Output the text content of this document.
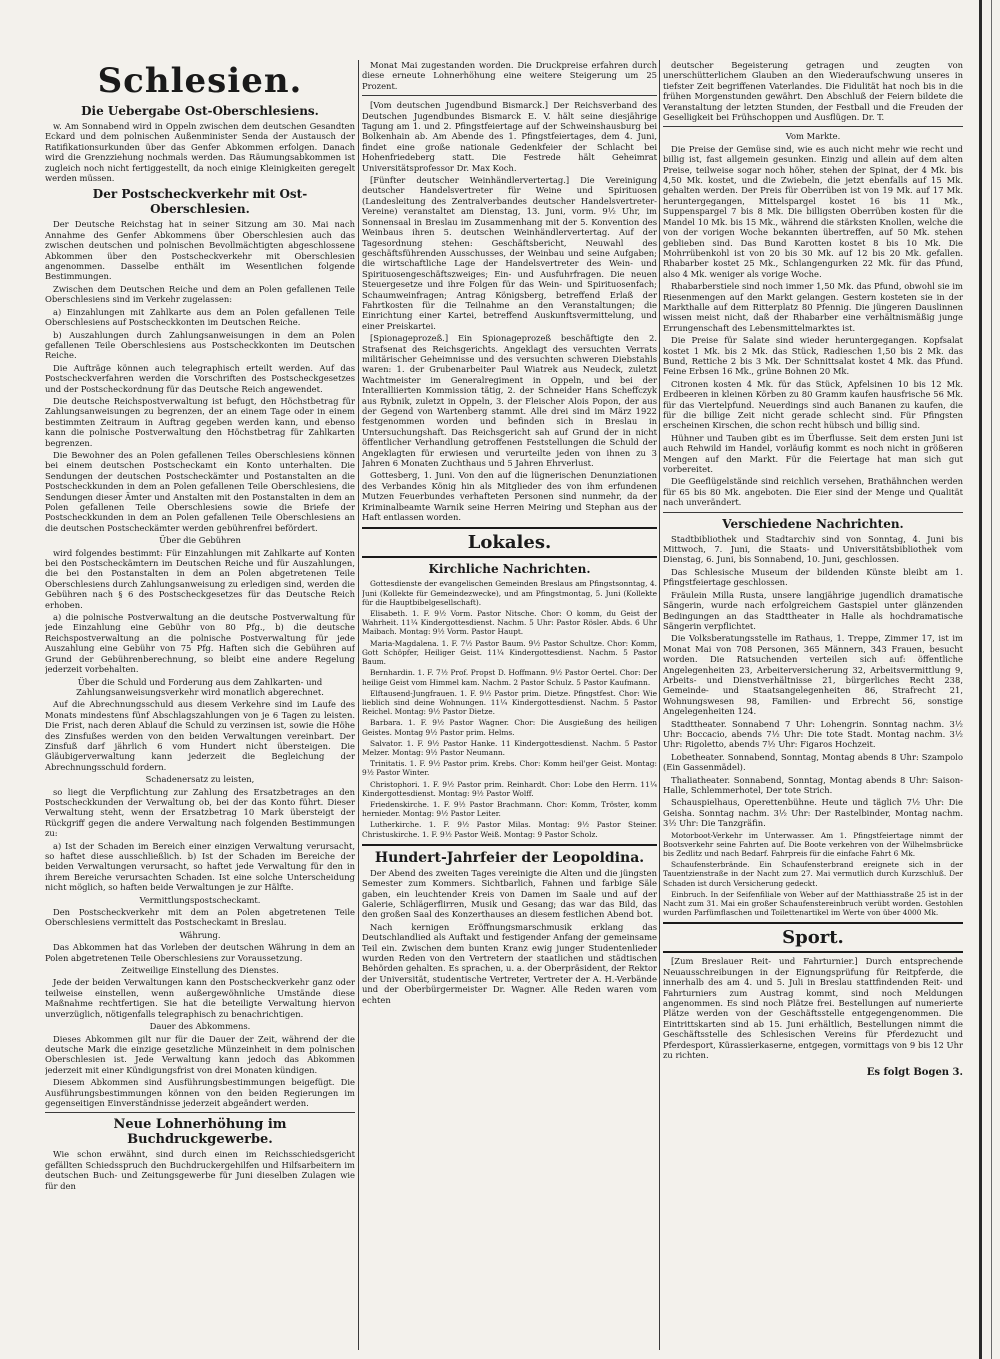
Schlesien.
Die Uebergabe Ost-Oberschlesiens.

w. Am Sonnabend wird in Oppeln zwischen dem deutschen Gesandten Eckard und dem polnischen Außenminister Senda der Austausch der Ratifikationsurkunden über das Genfer Abkommen erfolgen. Danach wird die Grenzziehung nochmals werden. Das Räumungsabkommen ist zugleich noch nicht fertiggestellt, da noch einige Kleinigkeiten geregelt werden müssen.

Der Postscheckverkehr mit Ost-Oberschlesien.

Der Deutsche Reichstag hat in seiner Sitzung am 30. Mai nach Annahme des Genfer Abkommens über Oberschlesien auch das zwischen deutschen und polnischen Bevollmächtigten abgeschlossene Abkommen über den Postscheckverkehr mit Oberschlesien angenommen. Dasselbe enthält im Wesentlichen folgende Bestimmungen.

Zwischen dem Deutschen Reiche und dem an Polen gefallenen Teile Oberschlesiens sind im Verkehr zugelassen:

a) Einzahlungen mit Zahlkarte aus dem an Polen gefallenen Teile Oberschlesiens auf Postscheckkonten im Deutschen Reiche.

b) Auszahlungen durch Zahlungsanweisungen in dem an Polen gefallenen Teile Oberschlesiens aus Postscheckkonten im Deutschen Reiche.

Die Aufträge können auch telegraphisch erteilt werden. Auf das Postscheckverfahren werden die Vorschriften des Postscheckgesetzes und der Postscheckordnung für das Deutsche Reich angewendet.

Die deutsche Reichspostverwaltung ist befugt, den Höchstbetrag für Zahlungsanweisungen zu begrenzen, der an einem Tage oder in einem bestimmten Zeitraum in Auftrag gegeben werden kann, und ebenso kann die polnische Postverwaltung den Höchstbetrag für Zahlkarten begrenzen.

Die Bewohner des an Polen gefallenen Teiles Oberschlesiens können bei einem deutschen Postscheckamt ein Konto unterhalten. Die Sendungen der deutschen Postscheckämter und Postanstalten an die Postscheckkunden in dem an Polen gefallenen Teile Oberschlesiens, die Sendungen dieser Ämter und Anstalten mit den Postanstalten in dem an Polen gefallenen Teile Oberschlesiens sowie die Briefe der Postscheckkunden in dem an Polen gefallenen Teile Oberschlesiens an die deutschen Postscheckämter werden gebührenfrei befördert.

Über die Gebühren

wird folgendes bestimmt: Für Einzahlungen mit Zahlkarte auf Konten bei den Postscheckämtern im Deutschen Reiche und für Auszahlungen, die bei den Postanstalten in dem an Polen abgetretenen Teile Oberschlesiens durch Zahlungsanweisung zu erledigen sind, werden die Gebühren nach § 6 des Postscheckgesetzes für das Deutsche Reich erhoben.

a) die polnische Postverwaltung an die deutsche Postverwaltung für jede Einzahlung eine Gebühr von 80 Pfg., b) die deutsche Reichspostverwaltung an die polnische Postverwaltung für jede Auszahlung eine Gebühr von 75 Pfg. Haften sich die Gebühren auf Grund der Gebührenberechnung, so bleibt eine andere Regelung jederzeit vorbehalten.

Über die Schuld und Forderung aus dem Zahlkarten- und Zahlungsanweisungsverkehr wird monatlich abgerechnet.

Auf die Abrechnungsschuld aus diesem Verkehre sind im Laufe des Monats mindestens fünf Abschlagszahlungen von je 6 Tagen zu leisten. Die Frist, nach deren Ablauf die Schuld zu verzinsen ist, sowie die Höhe des Zinsfußes werden von den beiden Verwaltungen vereinbart. Der Zinsfuß darf jährlich 6 vom Hundert nicht übersteigen. Die Gläubigerverwaltung kann jederzeit die Begleichung der Abrechnungsschuld fordern.

Schadenersatz zu leisten,

so liegt die Verpflichtung zur Zahlung des Ersatzbetrages an den Postscheckkunden der Verwaltung ob, bei der das Konto führt. Dieser Verwaltung steht, wenn der Ersatzbetrag 10 Mark übersteigt der Rückgriff gegen die andere Verwaltung nach folgenden Bestimmungen zu:

a) Ist der Schaden im Bereich einer einzigen Verwaltung verursacht, so haftet diese ausschließlich. b) Ist der Schaden im Bereiche der beiden Verwaltungen verursacht, so haftet jede Verwaltung für den in ihrem Bereiche verursachten Schaden. Ist eine solche Unterscheidung nicht möglich, so haften beide Verwaltungen je zur Hälfte.

Vermittlungspostscheckamt.

Den Postscheckverkehr mit dem an Polen abgetretenen Teile Oberschlesiens vermittelt das Postscheckamt in Breslau.

Währung.

Das Abkommen hat das Vorleben der deutschen Währung in dem an Polen abgetretenen Teile Oberschlesiens zur Voraussetzung.

Zeitweilige Einstellung des Dienstes.

Jede der beiden Verwaltungen kann den Postscheckverkehr ganz oder teilweise einstellen, wenn außergewöhnliche Umstände diese Maßnahme rechtfertigen. Sie hat die beteiligte Verwaltung hiervon unverzüglich, nötigenfalls telegraphisch zu benachrichtigen.

Dauer des Abkommens.

Dieses Abkommen gilt nur für die Dauer der Zeit, während der die deutsche Mark die einzige gesetzliche Münzeinheit in dem polnischen Oberschlesien ist. Jede Verwaltung kann jedoch das Abkommen jederzeit mit einer Kündigungsfrist von drei Monaten kündigen.

Diesem Abkommen sind Ausführungsbestimmungen beigefügt. Die Ausführungsbestimmungen können von den beiden Regierungen im gegenseitigen Einverständnisse jederzeit abgeändert werden.

Neue Lohnerhöhung im Buchdruckgewerbe.

Wie schon erwähnt, sind durch einen im Reichsschiedsgericht gefällten Schiedsspruch den Buchdruckergehilfen und Hilfsarbeitern im deutschen Buch- und Zeitungsgewerbe für Juni dieselben Zulagen wie für den

Monat Mai zugestanden worden. Die Druckpreise erfahren durch diese erneute Lohnerhöhung eine weitere Steigerung um 25 Prozent.

[Vom deutschen Jugendbund Bismarck.] Der Reichsverband des Deutschen Jugendbundes Bismarck E. V. hält seine diesjährige Tagung am 1. und 2. Pfingstfeiertage auf der Schweinshausburg bei Bolkenhain ab. Am Abende des 1. Pfingstfeiertages, dem 4. Juni, findet eine große nationale Gedenkfeier der Schlacht bei Hohenfriedeberg statt. Die Festrede hält Geheimrat Universitätsprofessor Dr. Max Koch.

[Fünfter deutscher Weinhändlervertertag.] Die Vereinigung deutscher Handelsvertreter für Weine und Spirituosen (Landesleitung des Zentralverbandes deutscher Handelsvertreter-Vereine) veranstaltet am Dienstag, 13. Juni, vorm. 9½ Uhr, im Sonnensaal in Breslau im Zusammenhang mit der 5. Konvention des Weinbaus ihren 5. deutschen Weinhändlervertertag. Auf der Tagesordnung stehen: Geschäftsbericht, Neuwahl des geschäftsführenden Ausschusses, der Weinbau und seine Aufgaben; die wirtschaftliche Lage der Handelsvertreter des Wein- und Spirituosengeschäftszweiges; Ein- und Ausfuhrfragen. Die neuen Steuergesetze und ihre Folgen für das Wein- und Spirituosenfach; Schaumweinfragen; Antrag Königsberg, betreffend Erlaß der Fahrtkosten für die Teilnahme an den Veranstaltungen; die Einrichtung einer Kartei, betreffend Auskunftsvermittelung, und einer Preiskartei.

[Spionageprozeß.] Ein Spionageprozeß beschäftigte den 2. Strafsenat des Reichsgerichts. Angeklagt des versuchten Verrats militärischer Geheimnisse und des versuchten schweren Diebstahls waren: 1. der Grubenarbeiter Paul Wiatrek aus Neudeck, zuletzt Wachtmeister im Generalregiment in Oppeln, und bei der Interalliierten Kommission tätig, 2. der Schneider Hans Scheffczyk aus Rybnik, zuletzt in Oppeln, 3. der Fleischer Alois Popon, der aus der Gegend von Wartenberg stammt. Alle drei sind im März 1922 festgenommen worden und befinden sich in Breslau in Untersuchungshaft. Das Reichsgericht sah auf Grund der in nicht öffentlicher Verhandlung getroffenen Feststellungen die Schuld der Angeklagten für erwiesen und verurteilte jeden von ihnen zu 3 Jahren 6 Monaten Zuchthaus und 5 Jahren Ehrverlust.

Gottesberg, 1. Juni. Von den auf die lügnerischen Denunziationen des Verbandes König hin als Mitglieder des von ihm erfundenen Mutzen Feuerbundes verhafteten Personen sind nunmehr, da der Kriminalbeamte Warnik seine Herren Meiring und Stephan aus der Haft entlassen worden.

Lokales.
Kirchliche Nachrichten.

Gottesdienste der evangelischen Gemeinden Breslaus am Pfingstsonntag, 4. Juni (Kollekte für Gemeindezwecke), und am Pfingstmontag, 5. Juni (Kollekte für die Hauptbibelgesellschaft).

Elisabeth. 1. F. 9½ Vorm. Pastor Nitsche. Chor: O komm, du Geist der Wahrheit. 11¼ Kindergottesdienst. Nachm. 5 Uhr: Pastor Rösler. Abds. 6 Uhr Maibach. Montag: 9½ Vorm. Pastor Haupt.

Maria-Magdalena. 1. F. 7½ Pastor Baum. 9½ Pastor Schultze. Chor: Komm, Gott Schöpfer, Heiliger Geist. 11¼ Kindergottesdienst. Nachm. 5 Pastor Baum.

Bernhardin. 1. F. 7½ Prof. Propst D. Hoffmann. 9½ Pastor Oertel. Chor: Der heilige Geist vom Himmel kam. Nachm. 2 Pastor Schulz. 5 Pastor Kaufmann.

Elftausend-Jungfrauen. 1. F. 9½ Pastor prim. Dietze. Pfingstfest. Chor: Wie lieblich sind deine Wohnungen. 11¼ Kindergottesdienst. Nachm. 5 Pastor Reichel. Montag: 9½ Pastor Dietze.

Barbara. 1. F. 9½ Pastor Wagner. Chor: Die Ausgießung des heiligen Geistes. Montag 9½ Pastor prim. Helms.

Salvator. 1. F. 9½ Pastor Hanke. 11 Kindergottesdienst. Nachm. 5 Pastor Melzer. Montag: 9½ Pastor Neumann.

Trinitatis. 1. F. 9½ Pastor prim. Krebs. Chor: Komm heil'ger Geist. Montag: 9½ Pastor Winter.

Christophori. 1. F. 9½ Pastor prim. Reinhardt. Chor: Lobe den Herrn. 11¼ Kindergottesdienst. Montag: 9½ Pastor Wolff.

Friedenskirche. 1. F. 9½ Pastor Brachmann. Chor: Komm, Tröster, komm hernieder. Montag: 9½ Pastor Leiter.

Lutherkirche. 1. F. 9½ Pastor Milas. Montag: 9½ Pastor Steiner. Christuskirche. 1. F. 9½ Pastor Weiß. Montag: 9 Pastor Scholz.

Hundert-Jahrfeier der Leopoldina.

Der Abend des zweiten Tages vereinigte die Alten und die jüngsten Semester zum Kommers. Sichtbarlich, Fahnen und farbige Säle gaben, ein leuchtender Kreis von Damen im Saale und auf der Galerie, Schlägerflirren, Musik und Gesang; das war das Bild, das den großen Saal des Konzerthauses an diesem festlichen Abend bot.

Nach kernigen Eröffnungsmarschmusik erklang das Deutschlandlied als Auftakt und festigender Anfang der gemeinsame Teil ein. Zwischen dem bunten Kranz ewig junger Studentenlieder wurden Reden von den Vertretern der staatlichen und städtischen Behörden gehalten. Es sprachen, u. a. der Oberpräsident, der Rektor der Universität, studentische Vertreter, Vertreter der A. H.-Verbände und der Oberbürgermeister Dr. Wagner. Alle Reden waren vom echten

deutscher Begeisterung getragen und zeugten von unerschütterlichem Glauben an den Wiederaufschwung unseres in tiefster Zeit begriffenen Vaterlandes. Die Fidulität hat noch bis in die frühen Morgenstunden gewährt. Den Abschluß der Feiern bildete die Veranstaltung der letzten Stunden, der Festball und die Freuden der Geselligkeit bei Frühschoppen und Ausflügen. Dr. T.

Vom Markte.

Die Preise der Gemüse sind, wie es auch nicht mehr wie recht und billig ist, fast allgemein gesunken. Einzig und allein auf dem alten Preise, teilweise sogar noch höher, stehen der Spinat, der 4 Mk. bis 4,50 Mk. kostet, und die Zwiebeln, die jetzt ebenfalls auf 15 Mk. gehalten werden. Der Preis für Oberrüben ist von 19 Mk. auf 17 Mk. heruntergegangen, Mittelspargel kostet 16 bis 11 Mk., Suppenspargel 7 bis 8 Mk. Die billigsten Oberrüben kosten für die Mandel 10 Mk. bis 15 Mk., während die stärksten Knollen, welche die von der vorigen Woche bekannten übertreffen, auf 50 Mk. stehen geblieben sind. Das Bund Karotten kostet 8 bis 10 Mk. Die Mohrrübenkohl ist von 20 bis 30 Mk. auf 12 bis 20 Mk. gefallen. Rhabarber kostet 25 Mk., Schlangengurken 22 Mk. für das Pfund, also 4 Mk. weniger als vorige Woche.

Rhabarberstiele sind noch immer 1,50 Mk. das Pfund, obwohl sie im Riesenmengen auf den Markt gelangen. Gestern kosteten sie in der Markthalle auf dem Ritterplatz 80 Pfennig. Die jüngeren Dauslinnen wissen meist nicht, daß der Rhabarber eine verhältnismäßig junge Errungenschaft des Lebensmittelmarktes ist.

Die Preise für Salate sind wieder heruntergegangen. Kopfsalat kostet 1 Mk. bis 2 Mk. das Stück, Radieschen 1,50 bis 2 Mk. das Bund, Rettiche 2 bis 3 Mk. Der Schnittsalat kostet 4 Mk. das Pfund. Feine Erbsen 16 Mk., grüne Bohnen 20 Mk.

Citronen kosten 4 Mk. für das Stück, Apfelsinen 10 bis 12 Mk. Erdbeeren in kleinen Körben zu 80 Gramm kaufen hausfrische 56 Mk. für das Viertelpfund. Neuerdings sind auch Bananen zu kaufen, die für die billige Zeit nicht gerade schlecht sind. Für Pfingsten erscheinen Kirschen, die schon recht hübsch und billig sind.

Hühner und Tauben gibt es im Überflusse. Seit dem ersten Juni ist auch Rehwild im Handel, vorläufig kommt es noch nicht in größeren Mengen auf den Markt. Für die Feiertage hat man sich gut vorbereitet.

Die Geeflügelstände sind reichlich versehen, Brathähnchen werden für 65 bis 80 Mk. angeboten. Die Eier sind der Menge und Qualität nach unverändert.

Verschiedene Nachrichten.

Stadtbibliothek und Stadtarchiv sind von Sonntag, 4. Juni bis Mittwoch, 7. Juni, die Staats- und Universitätsbibliothek vom Dienstag, 6. Juni, bis Sonnabend, 10. Juni, geschlossen.

Das Schlesische Museum der bildenden Künste bleibt am 1. Pfingstfeiertage geschlossen.

Fräulein Milla Rusta, unsere langjährige jugendlich dramatische Sängerin, wurde nach erfolgreichem Gastspiel unter glänzenden Bedingungen an das Stadttheater in Halle als hochdramatische Sängerin verpflichtet.

Die Volksberatungsstelle im Rathaus, 1. Treppe, Zimmer 17, ist im Monat Mai von 708 Personen, 365 Männern, 343 Frauen, besucht worden. Die Ratsuchenden verteilen sich auf: öffentliche Angelegenheiten 23, Arbeiterversicherung 32, Arbeitsvermittlung 9, Arbeits- und Dienstverhältnisse 21, bürgerliches Recht 238, Gemeinde- und Staatsangelegenheiten 86, Strafrecht 21, Wohnungswesen 98, Familien- und Erbrecht 56, sonstige Angelegenheiten 124.

Stadttheater. Sonnabend 7 Uhr: Lohengrin. Sonntag nachm. 3½ Uhr: Boccacio, abends 7½ Uhr: Die tote Stadt. Montag nachm. 3½ Uhr: Rigoletto, abends 7½ Uhr: Figaros Hochzeit.

Lobetheater. Sonnabend, Sonntag, Montag abends 8 Uhr: Szampolo (Ein Gassenmädel).

Thaliatheater. Sonnabend, Sonntag, Montag abends 8 Uhr: Saison-Halle, Schlemmerhotel, Der tote Strich.

Schauspielhaus, Operettenbühne. Heute und täglich 7½ Uhr: Die Geisha. Sonntag nachm. 3½ Uhr: Der Rastelbinder, Montag nachm. 3½ Uhr: Die Tanzgräfin.

Motorboot-Verkehr im Unterwasser. Am 1. Pfingstfeiertage nimmt der Bootsverkehr seine Fahrten auf. Die Boote verkehren von der Wilhelmsbrücke bis Zedlitz und nach Bedarf. Fahrpreis für die einfache Fahrt 6 Mk.

Schaufensterbrände. Ein Schaufensterbrand ereignete sich in der Tauentzienstraße in der Nacht zum 27. Mai vermutlich durch Kurzschluß. Der Schaden ist durch Versicherung gedeckt.

Einbruch. In der Seifenfiliale von Weber auf der Matthiasstraße 25 ist in der Nacht zum 31. Mai ein großer Schaufenstereinbruch verübt worden. Gestohlen wurden Parfümflaschen und Toilettenartikel im Werte von über 4000 Mk.

Sport.

[Zum Breslauer Reit- und Fahrturnier.] Durch entsprechende Neuausschreibungen in der Eignungsprüfung für Reitpferde, die innerhalb des am 4. und 5. Juli in Breslau stattfindenden Reit- und Fahrturniers zum Austrag kommt, sind noch Meldungen angenommen. Es sind noch Plätze frei. Bestellungen auf numerierte Plätze werden von der Geschäftsstelle entgegengenommen. Die Eintrittskarten sind ab 15. Juni erhältlich, Bestellungen nimmt die Geschäftsstelle des Schlesischen Vereins für Pferdezucht und Pferdesport, Kürassierkaserne, entgegen, vormittags von 9 bis 12 Uhr zu richten.

Es folgt Bogen 3.
